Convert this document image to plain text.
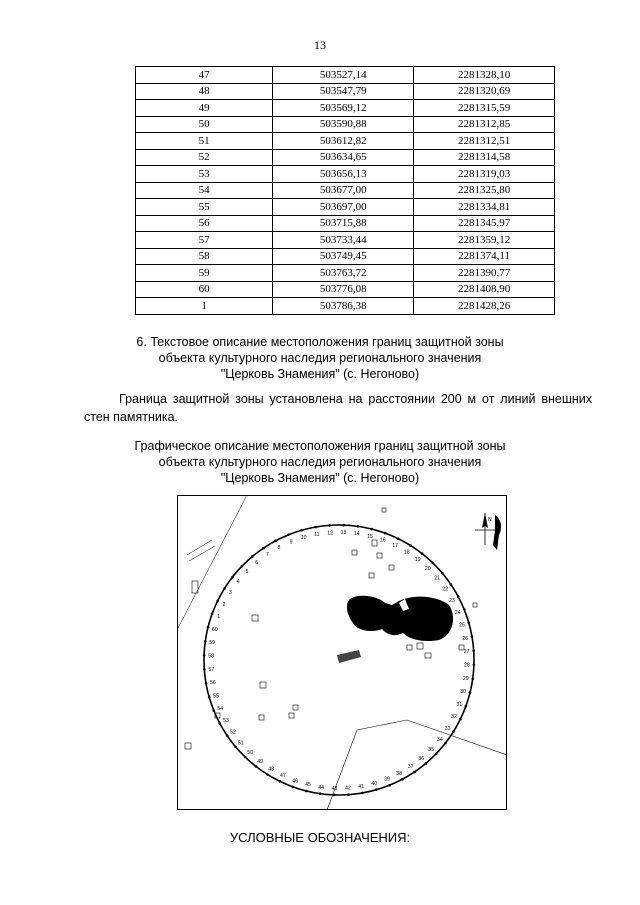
13
47	503527,14	2281328,10
48	503547,79	2281320,69
49	503569,12	2281315,59
50	503590,88	2281312,85
51	503612,82	2281312,51
52	503634,65	2281314,58
53	503656,13	2281319,03
54	503677,00	2281325,80
55	503697,00	2281334,81
56	503715,88	2281345,97
57	503733,44	2281359,12
58	503749,45	2281374,11
59	503763,72	2281390,77
60	503776,08	2281408,90
1	503786,38	2281428,26
6. Текстовое описание местоположения границ защитной зоны
объекта культурного наследия регионального значения
"Церковь Знамения" (с. Негоново)
Граница защитной зоны установлена на расстоянии 200 м от линий внешних стен памятника.
Графическое описание местоположения границ защитной зоны
объекта культурного наследия регионального значения
"Церковь Знамения" (с. Негоново)
N
1
2
3
4
5
6
7
8
9
10
11 12 13 14 15
16
17
18
19
20
21
22
23
24
25
26
27
28
29
30
31
32
33
34
35
36
37
38
39
40
41
42
43
44
45
46
47
48
49
50
51
52
53
54
55
56
57
58
59
60
УСЛОВНЫЕ ОБОЗНАЧЕНИЯ:
